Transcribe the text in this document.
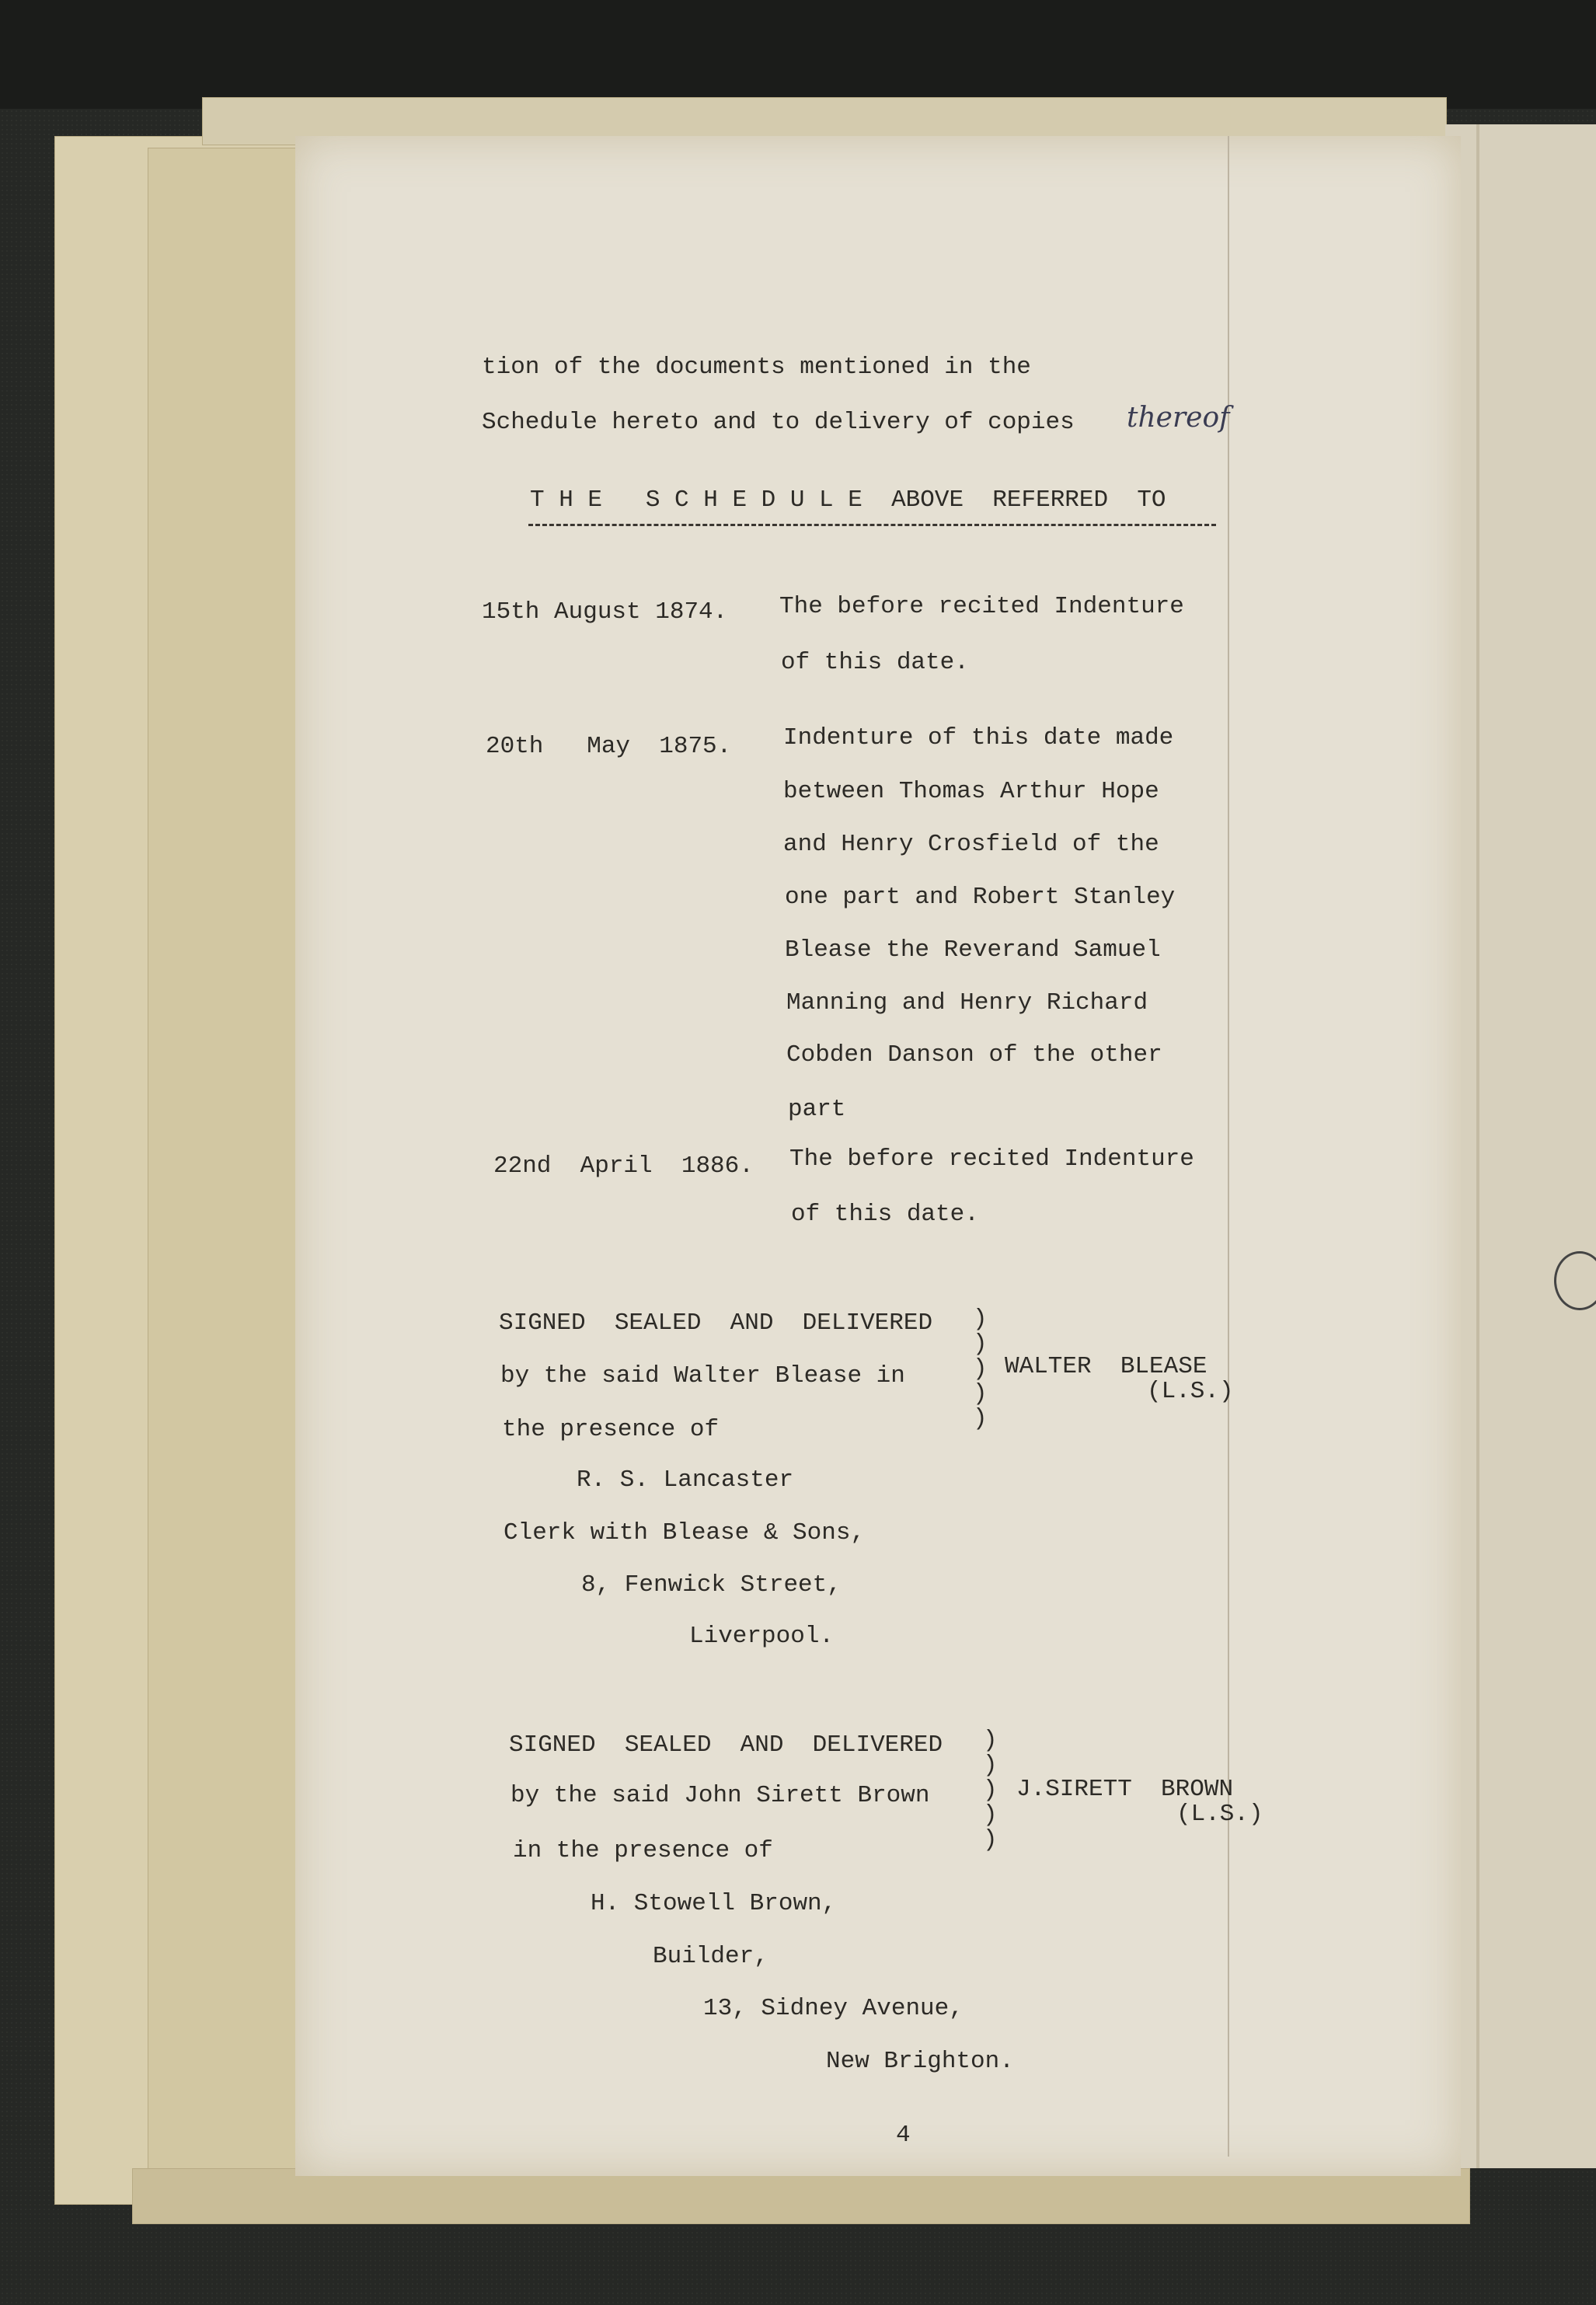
tion of the documents mentioned in the
Schedule hereto and to delivery of copies thereof
T H E   S C H E D U L E  ABOVE  REFERRED  TO
15th August 1874. The before recited Indenture
of this date.
20th   May  1875. Indenture of this date made
between Thomas Arthur Hope
and Henry Crosfield of the
one part and Robert Stanley
Blease the Reverand Samuel
Manning and Henry Richard
Cobden Danson of the other
part
22nd  April  1886. The before recited Indenture
of this date.
SIGNED  SEALED  AND  DELIVERED
by the said Walter Blease in
the presence of
)
)
)
)
)
WALTER  BLEASE
(L.S.)
R. S. Lancaster
Clerk with Blease & Sons,
8, Fenwick Street,
Liverpool.
SIGNED  SEALED  AND  DELIVERED
by the said John Sirett Brown
in the presence of
)
)
)
)
)
J.SIRETT  BROWN
(L.S.)
H. Stowell Brown,
Builder,
13, Sidney Avenue,
New Brighton.
4
